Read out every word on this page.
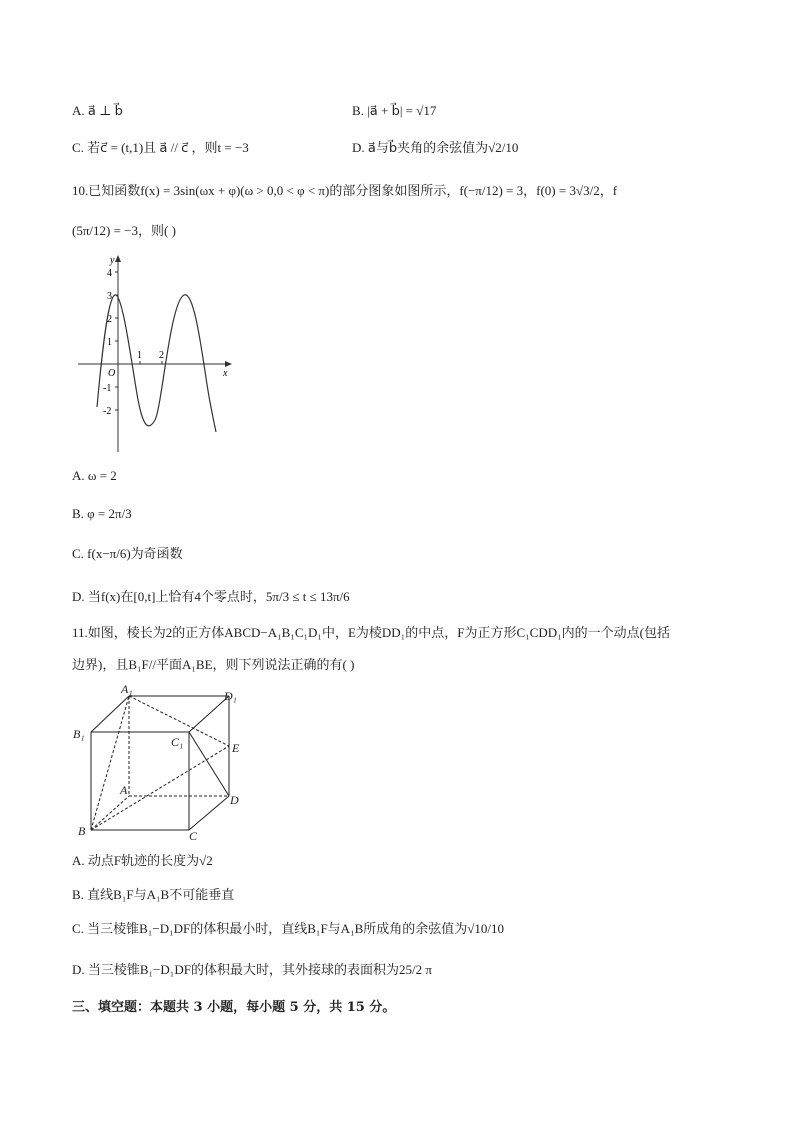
A. a⃗ ⊥ b⃗	B. |a⃗ + b⃗| = √17
C. 若c⃗ = (t,1)且 a⃗ // c⃗ ，则t = −3	D. a⃗与b⃗夹角的余弦值为√2/10
10.已知函数f(x) = 3sin(ωx + φ)(ω > 0,0 < φ < π)的部分图象如图所示，f(−π/12) = 3，f(0) = 3√3/2，f
(5π/12) = −3，则( )
y
x
O
4
3
2
1
-1
-2
1 2
A. ω = 2
B. φ = 2π/3
C. f(x−π/6)为奇函数
D. 当f(x)在[0,t]上恰有4个零点时，5π/3 ≤ t ≤ 13π/6
11.如图，棱长为2的正方体ABCD−A₁B₁C₁D₁中，E为棱DD₁的中点，F为正方形C₁CDD₁内的一个动点(包括
边界)，且B₁F//平面A₁BE，则下列说法正确的有( )
A₁	D₁
B₁
C₁	E
A
D
B	C
A. 动点F轨迹的长度为√2
B. 直线B₁F与A₁B不可能垂直
C. 当三棱锥B₁−D₁DF的体积最小时，直线B₁F与A₁B所成角的余弦值为√10/10
D. 当三棱锥B₁−D₁DF的体积最大时，其外接球的表面积为25/2 π
三、填空题：本题共 3 小题，每小题 5 分，共 15 分。
